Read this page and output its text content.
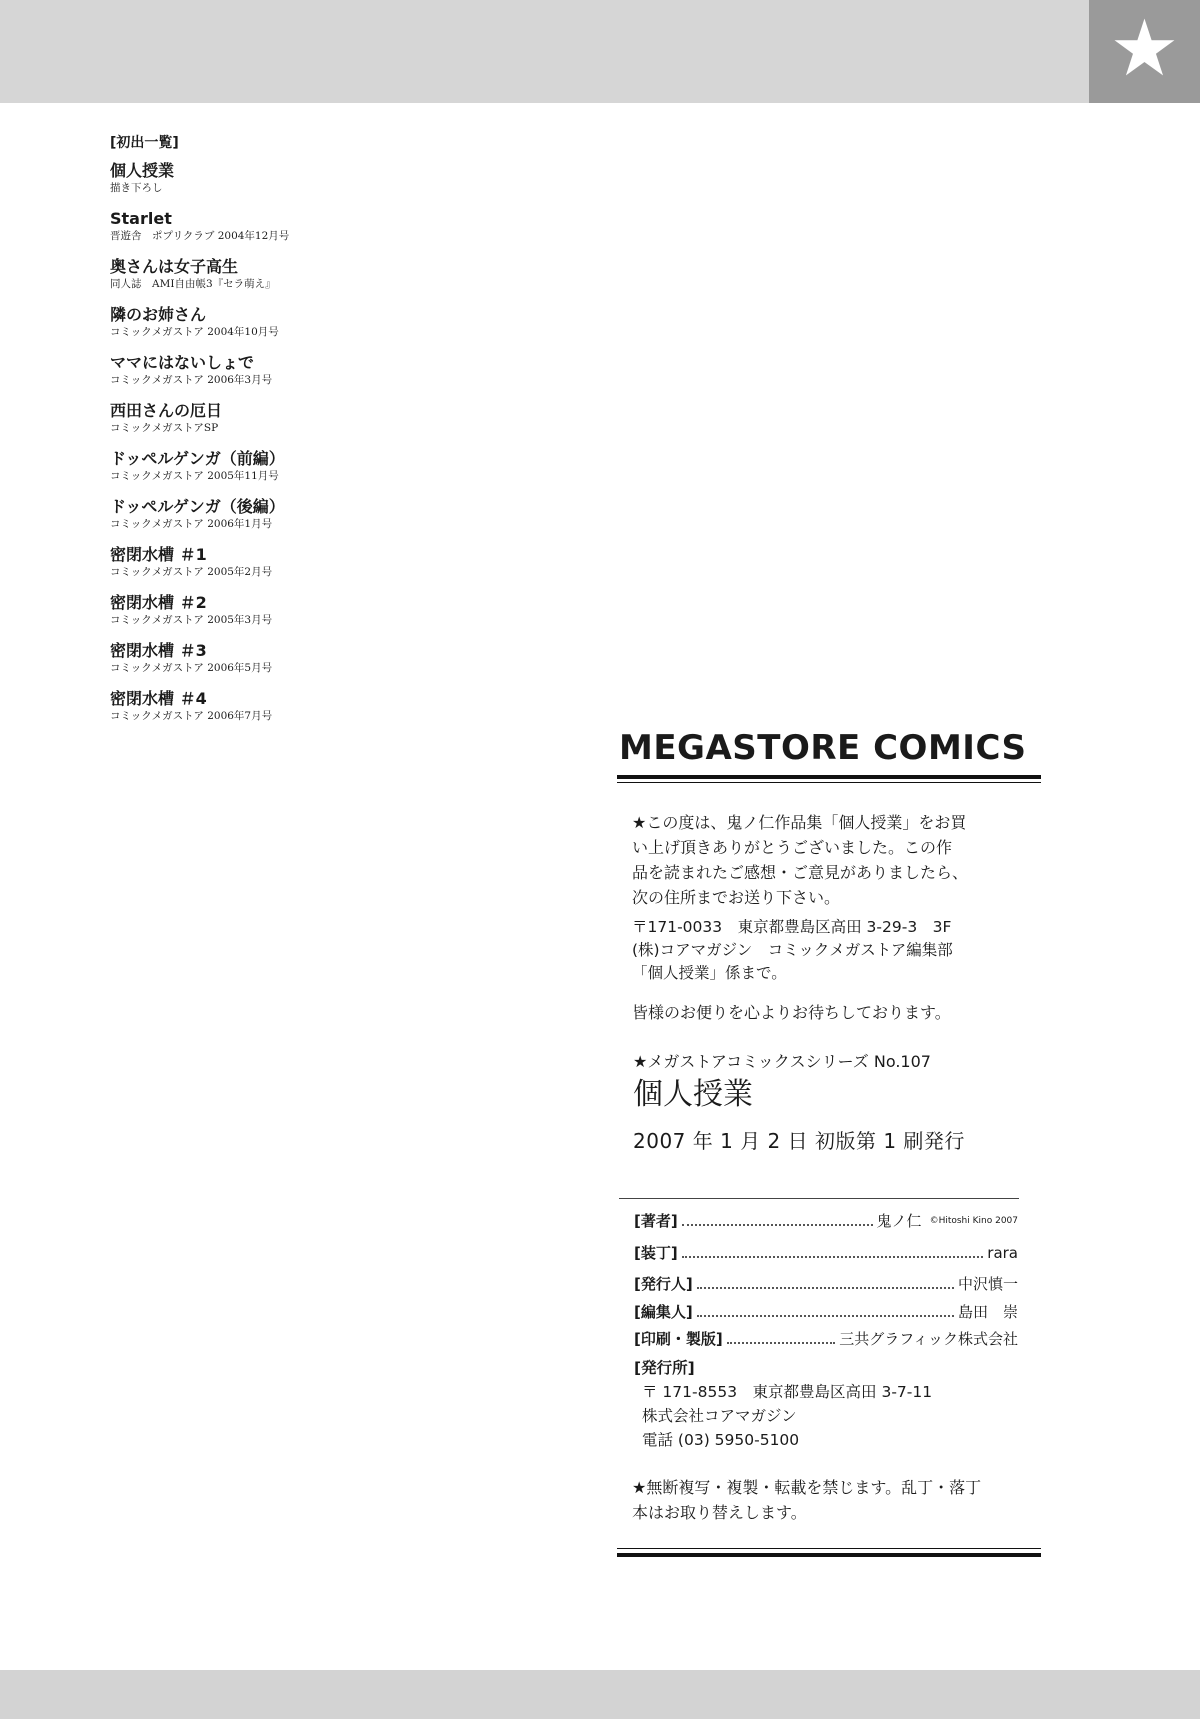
★
[初出一覧]
個人授業
描き下ろし
Starlet
晋遊舎　ポプリクラブ 2004年12月号
奥さんは女子高生
同人誌　AMI自由帳3『セラ萌え』
隣のお姉さん
コミックメガストア 2004年10月号
ママにはないしょで
コミックメガストア 2006年3月号
西田さんの厄日
コミックメガストアSP
ドッペルゲンガ（前編）
コミックメガストア 2005年11月号
ドッペルゲンガ（後編）
コミックメガストア 2006年1月号
密閉水槽 ＃1
コミックメガストア 2005年2月号
密閉水槽 ＃2
コミックメガストア 2005年3月号
密閉水槽 ＃3
コミックメガストア 2006年5月号
密閉水槽 ＃4
コミックメガストア 2006年7月号
MEGASTORE COMICS
★この度は、鬼ノ仁作品集「個人授業」をお買
い上げ頂きありがとうございました。この作
品を読まれたご感想・ご意見がありましたら、
次の住所までお送り下さい。
〒171-0033　東京都豊島区高田 3-29-3　3F
(株)コアマガジン　コミックメガストア編集部
「個人授業」係まで。
皆様のお便りを心よりお待ちしております。
★メガストアコミックスシリーズ No.107
個人授業
2007 年 1 月 2 日 初版第 1 刷発行
[著者]	鬼ノ仁 ©Hitoshi Kino 2007
[装丁]	rara
[発行人]	中沢慎一
[編集人]	島田　崇
[印刷・製版]	三共グラフィック株式会社
[発行所]
〒 171-8553　東京都豊島区高田 3-7-11
株式会社コアマガジン
電話 (03) 5950-5100
★無断複写・複製・転載を禁じます。乱丁・落丁
本はお取り替えします。
